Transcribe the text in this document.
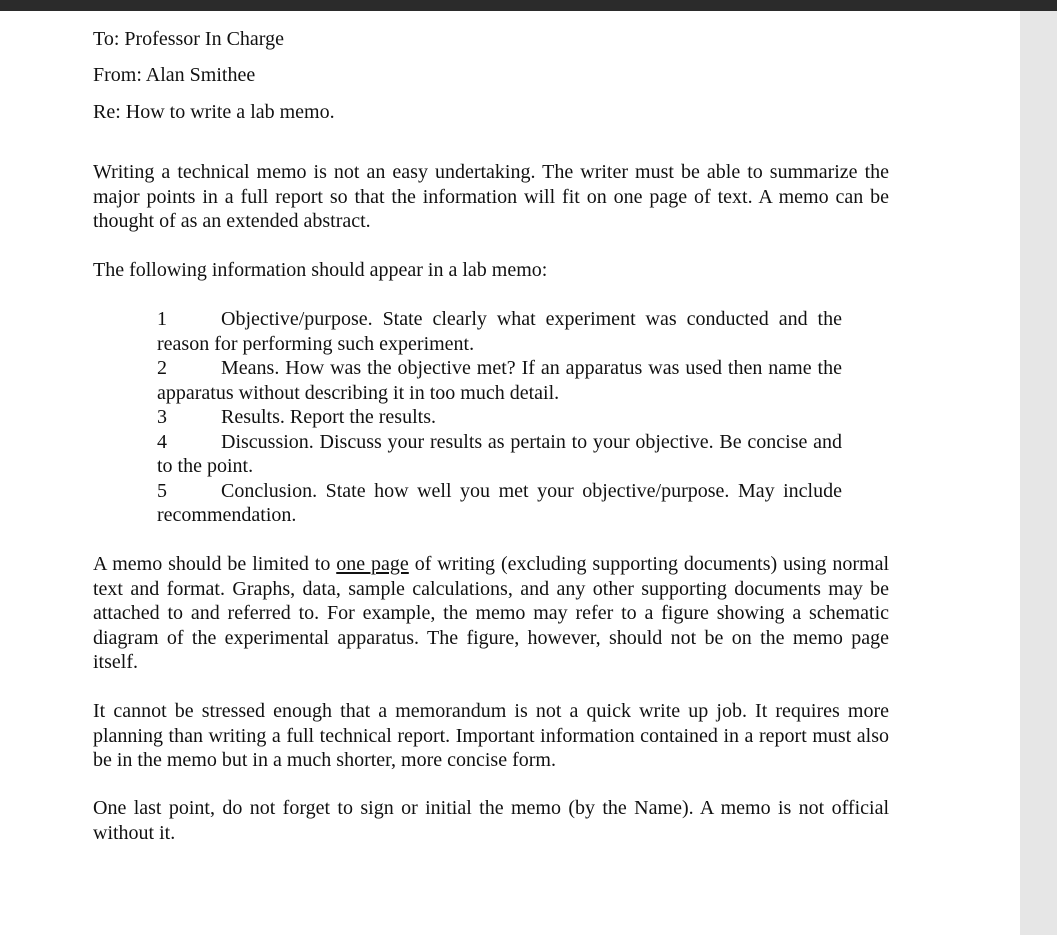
To: Professor In Charge
From: Alan Smithee
Re: How to write a lab memo.
Writing a technical memo is not an easy undertaking. The writer must be able to summarize the major points in a full report so that the information will fit on one page of text. A memo can be thought of as an extended abstract.
The following information should appear in a lab memo:
1	Objective/purpose. State clearly what experiment was conducted and the reason for performing such experiment.
2	Means. How was the objective met? If an apparatus was used then name the apparatus without describing it in too much detail.
3	Results. Report the results.
4	Discussion. Discuss your results as pertain to your objective. Be concise and to the point.
5	Conclusion. State how well you met your objective/purpose. May include recommendation.
A memo should be limited to one page of writing (excluding supporting documents) using normal text and format. Graphs, data, sample calculations, and any other supporting documents may be attached to and referred to. For example, the memo may refer to a figure showing a schematic diagram of the experimental apparatus. The figure, however, should not be on the memo page itself.
It cannot be stressed enough that a memorandum is not a quick write up job. It requires more planning than writing a full technical report. Important information contained in a report must also be in the memo but in a much shorter, more concise form.
One last point, do not forget to sign or initial the memo (by the Name). A memo is not official without it.
